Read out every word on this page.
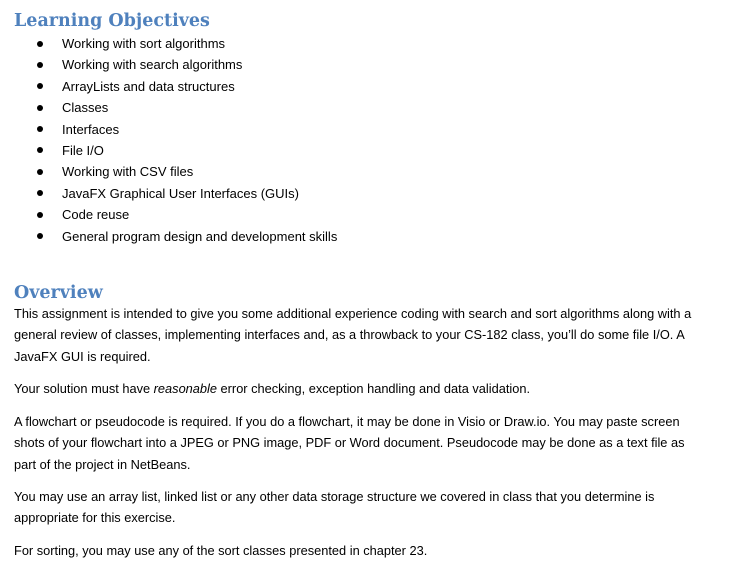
Learning Objectives
Working with sort algorithms
Working with search algorithms
ArrayLists and data structures
Classes
Interfaces
File I/O
Working with CSV files
JavaFX Graphical User Interfaces (GUIs)
Code reuse
General program design and development skills
Overview

This assignment is intended to give you some additional experience coding with search and sort algorithms along with a
general review of classes, implementing interfaces and, as a throwback to your CS-182 class, you’ll do some file I/O. A
JavaFX GUI is required.

Your solution must have reasonable error checking, exception handling and data validation.

A flowchart or pseudocode is required. If you do a flowchart, it may be done in Visio or Draw.io. You may paste screen
shots of your flowchart into a JPEG or PNG image, PDF or Word document. Pseudocode may be done as a text file as
part of the project in NetBeans.

You may use an array list, linked list or any other data storage structure we covered in class that you determine is
appropriate for this exercise.

For sorting, you may use any of the sort classes presented in chapter 23.
